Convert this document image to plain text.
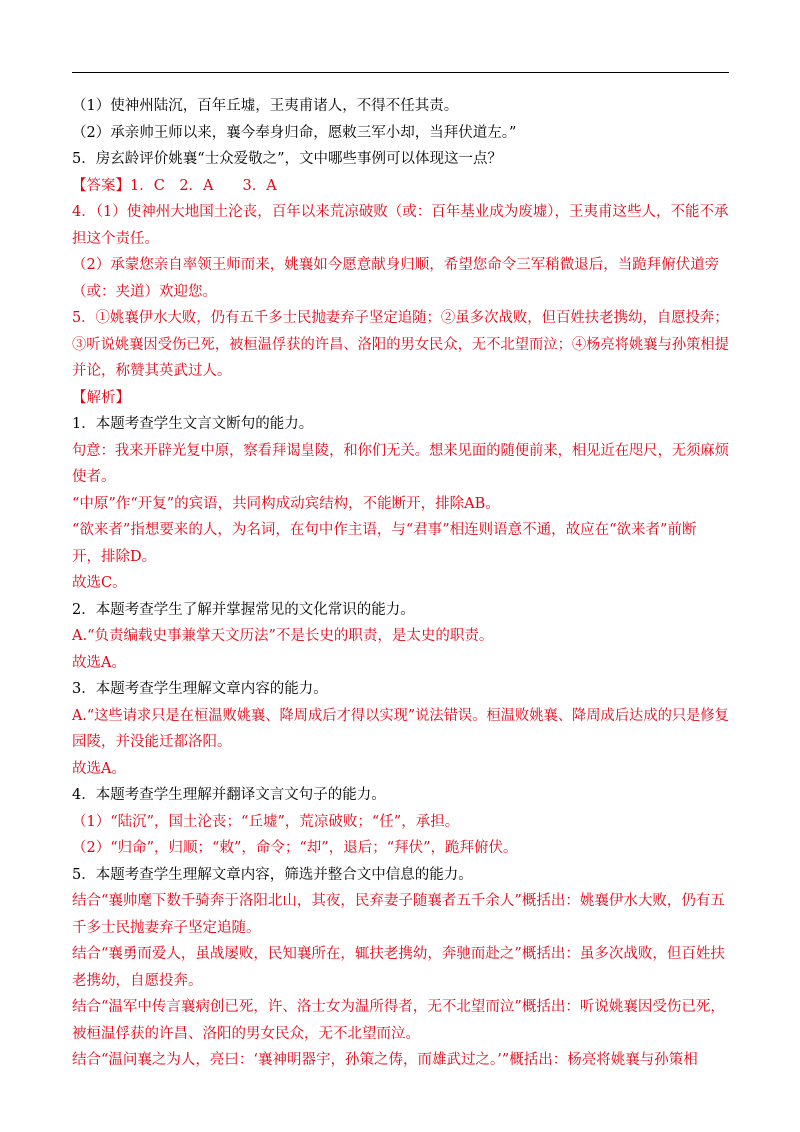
（1）使神州陆沉，百年丘墟，王夷甫诸人，不得不任其责。
（2）承亲帅王师以来，襄今奉身归命，愿敕三军小却，当拜伏道左。”
5．房玄龄评价姚襄“士众爱敬之”，文中哪些事例可以体现这一点？
【答案】1．C　2．A　　3．A
4．（1）使神州大地国土沦丧，百年以来荒凉破败（或：百年基业成为废墟），王夷甫这些人，不能不承
担这个责任。
（2）承蒙您亲自率领王师而来，姚襄如今愿意献身归顺，希望您命令三军稍微退后，当跪拜俯伏道旁
（或：夹道）欢迎您。
5．①姚襄伊水大败，仍有五千多士民抛妻弃子坚定追随；②虽多次战败，但百姓扶老携幼，自愿投奔；
③听说姚襄因受伤已死，被桓温俘获的许昌、洛阳的男女民众，无不北望而泣；④杨亮将姚襄与孙策相提
并论，称赞其英武过人。
【解析】
1．本题考查学生文言文断句的能力。
句意：我来开辟光复中原，察看拜谒皇陵，和你们无关。想来见面的随便前来，相见近在咫尺，无须麻烦
使者。
“中原”作“开复”的宾语，共同构成动宾结构，不能断开，排除AB。
“欲来者”指想要来的人，为名词，在句中作主语，与“君事”相连则语意不通，故应在“欲来者”前断
开，排除D。
故选C。
2．本题考查学生了解并掌握常见的文化常识的能力。
A.“负责编载史事兼掌天文历法”不是长史的职责，是太史的职责。
故选A。
3．本题考查学生理解文章内容的能力。
A.“这些请求只是在桓温败姚襄、降周成后才得以实现”说法错误。桓温败姚襄、降周成后达成的只是修复
园陵，并没能迁都洛阳。
故选A。
4．本题考查学生理解并翻译文言文句子的能力。
（1）“陆沉”，国土沦丧；“丘墟”，荒凉破败；“任”，承担。
（2）“归命”，归顺；“敕”，命令；“却”，退后；“拜伏”，跪拜俯伏。
5．本题考查学生理解文章内容，筛选并整合文中信息的能力。
结合“襄帅麾下数千骑奔于洛阳北山，其夜，民弃妻子随襄者五千余人”概括出：姚襄伊水大败，仍有五
千多士民抛妻弃子坚定追随。
结合“襄勇而爱人，虽战屡败，民知襄所在，辄扶老携幼，奔驰而赴之”概括出：虽多次战败，但百姓扶
老携幼，自愿投奔。
结合“温军中传言襄病创已死，许、洛士女为温所得者，无不北望而泣”概括出：听说姚襄因受伤已死，
被桓温俘获的许昌、洛阳的男女民众，无不北望而泣。
结合“温问襄之为人，亮曰：‘襄神明器宇，孙策之俦，而雄武过之。’”概括出：杨亮将姚襄与孙策相
